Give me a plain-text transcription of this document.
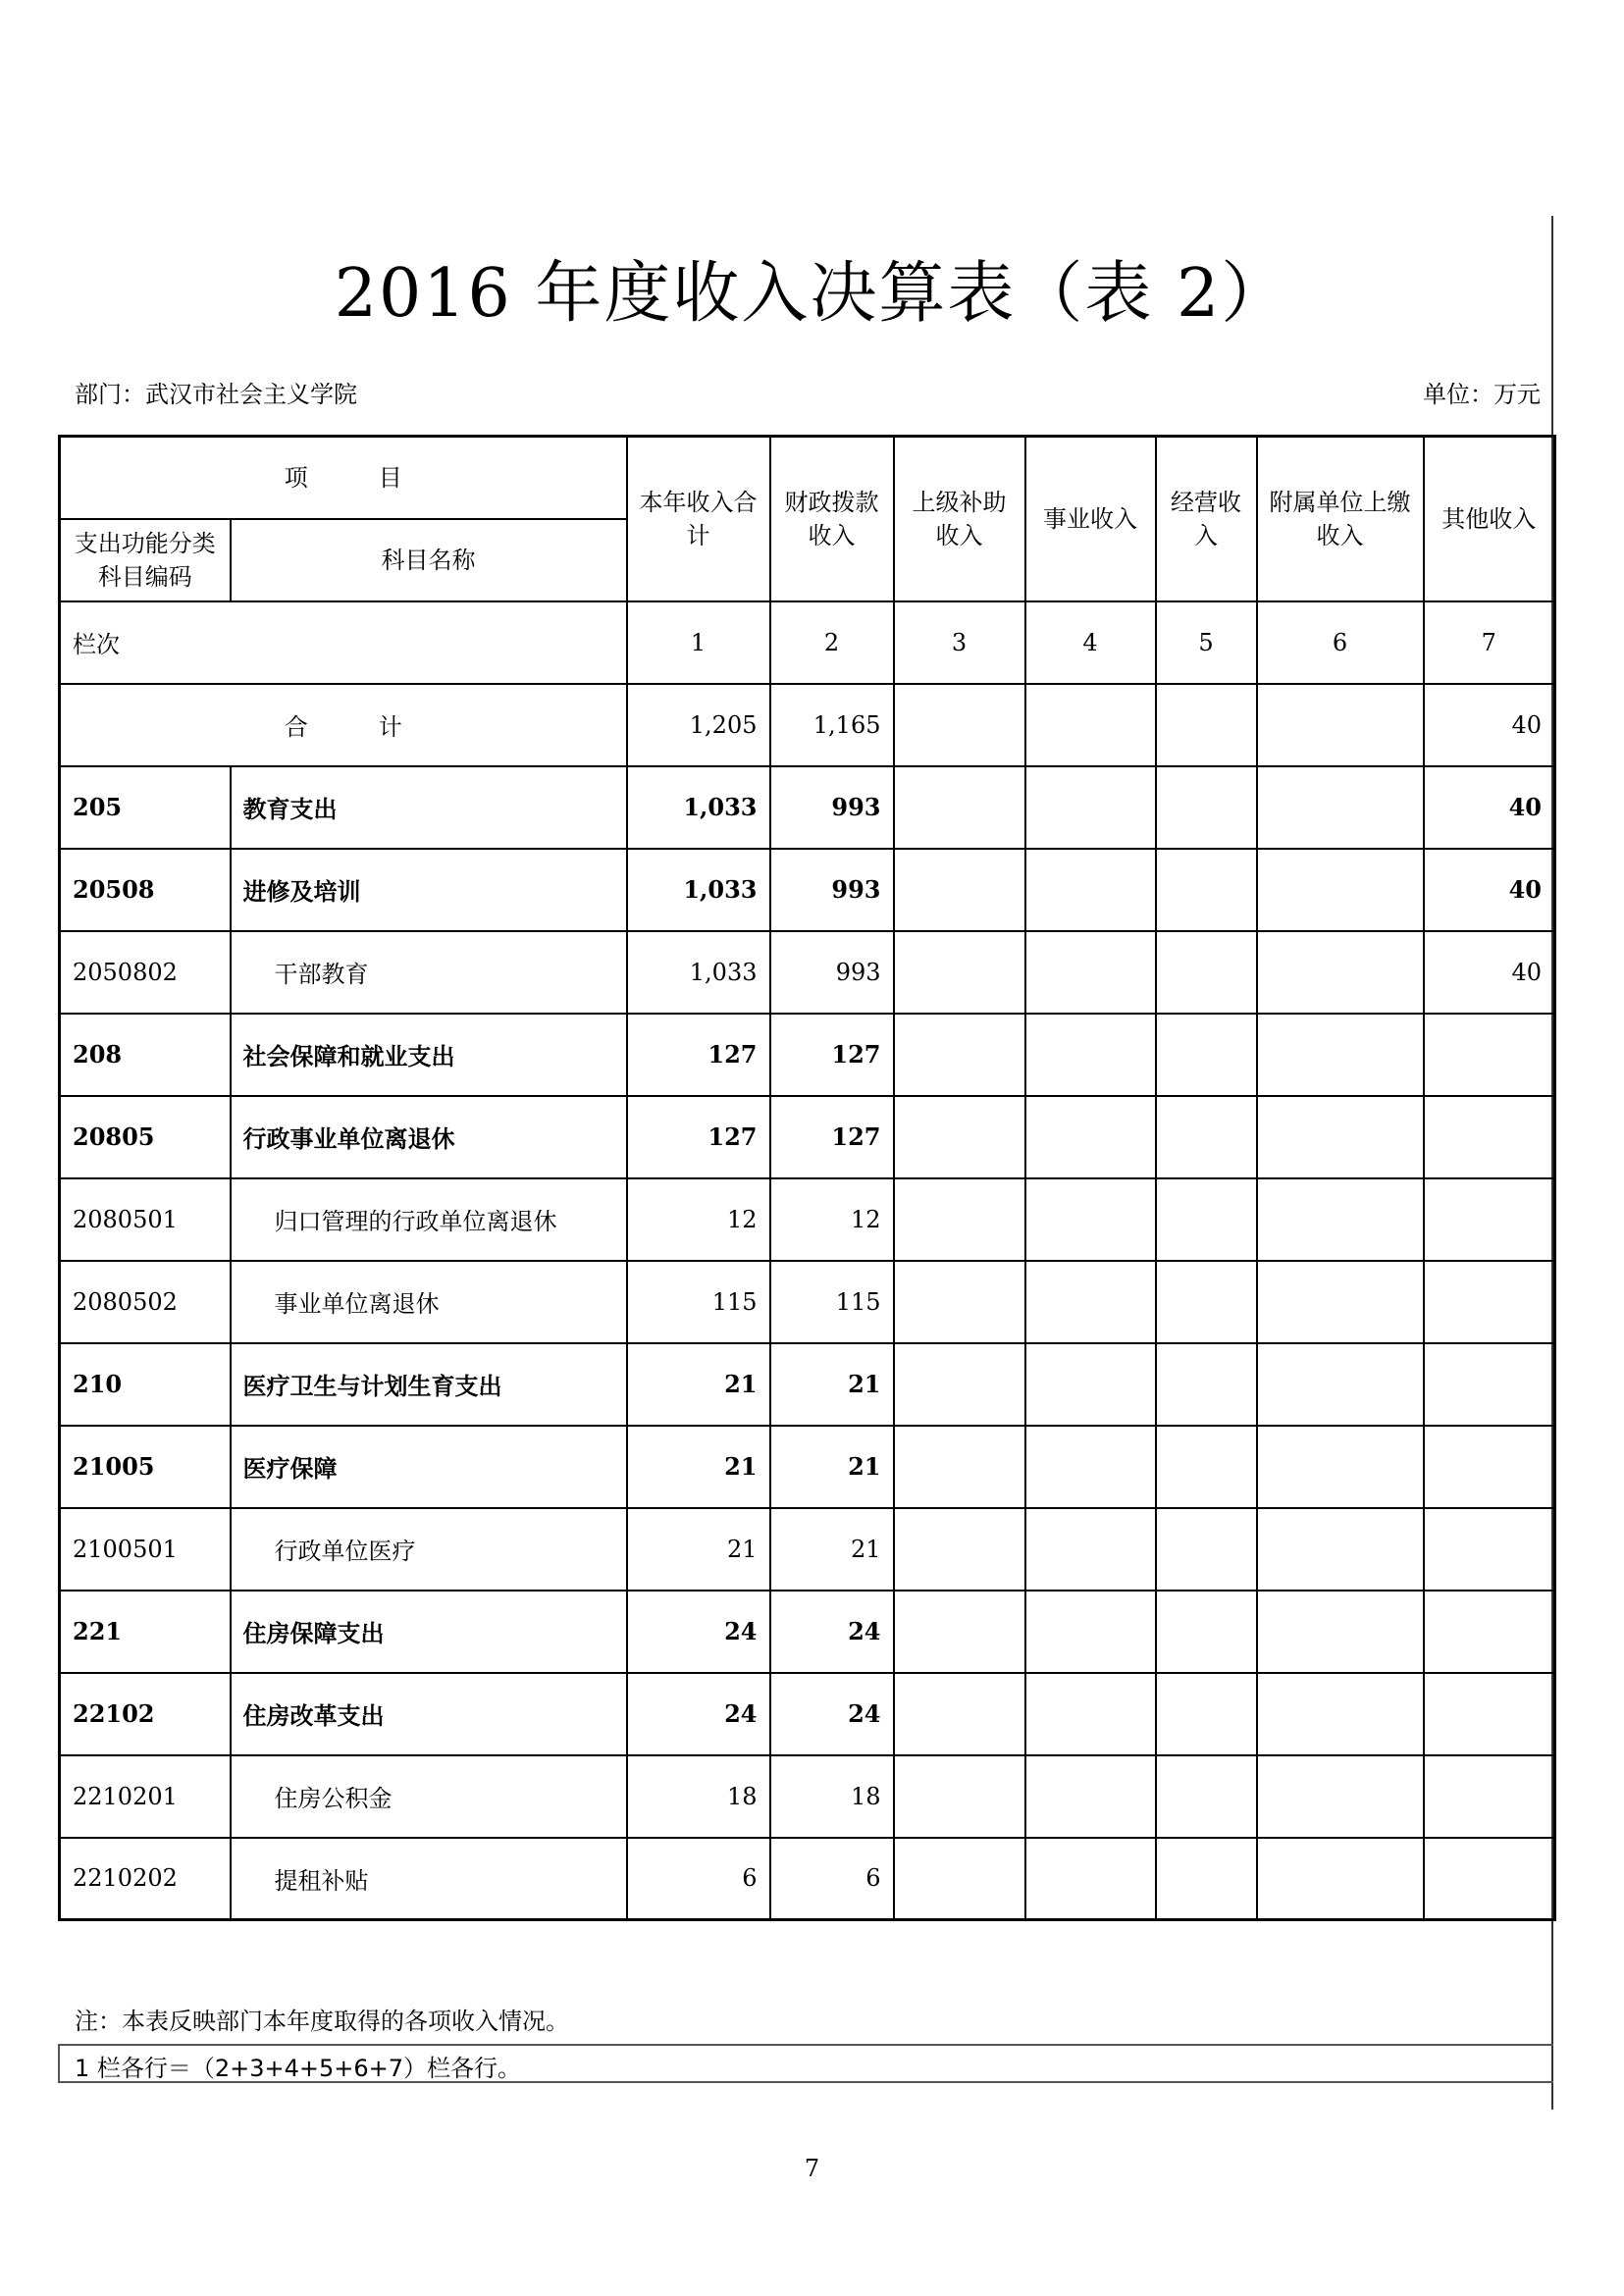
2016 年度收入决算表（表 2）
部门：武汉市社会主义学院	单位：万元
项　　　目		本年收入合计	财政拨款收入	上级补助收入	事业收入	经营收入	附属单位上缴收入	其他收入
支出功能分类科目编码	科目名称							
栏次		1	2	3	4	5	6	7
合　　　计		1,205	1,165					40
205	教育支出	1,033	993					40
20508	进修及培训	1,033	993					40
2050802	干部教育	1,033	993					40
208	社会保障和就业支出	127	127					
20805	行政事业单位离退休	127	127					
2080501	归口管理的行政单位离退休	12	12					
2080502	事业单位离退休	115	115					
210	医疗卫生与计划生育支出	21	21					
21005	医疗保障	21	21					
2100501	行政单位医疗	21	21					
221	住房保障支出	24	24					
22102	住房改革支出	24	24					
2210201	住房公积金	18	18					
2210202	提租补贴	6	6					
注：本表反映部门本年度取得的各项收入情况。
1 栏各行＝（2+3+4+5+6+7）栏各行。
7
